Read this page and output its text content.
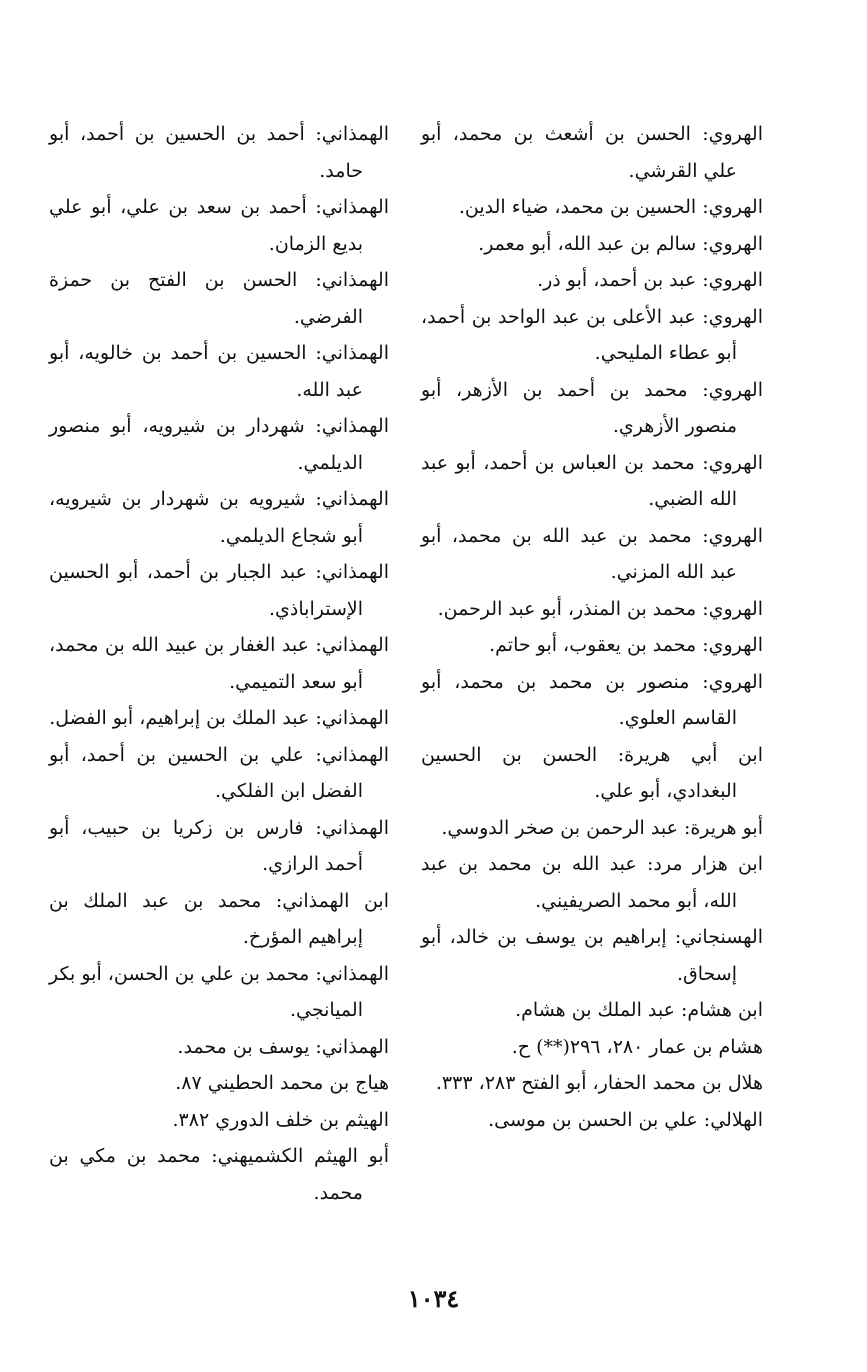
الهروي: الحسن بن أشعث بن محمد، أبو علي القرشي.

الهروي: الحسين بن محمد، ضياء الدين.

الهروي: سالم بن عبد الله، أبو معمر.

الهروي: عبد بن أحمد، أبو ذر.

الهروي: عبد الأعلى بن عبد الواحد بن أحمد، أبو عطاء المليحي.

الهروي: محمد بن أحمد بن الأزهر، أبو منصور الأزهري.

الهروي: محمد بن العباس بن أحمد، أبو عبد الله الضبي.

الهروي: محمد بن عبد الله بن محمد، أبو عبد الله المزني.

الهروي: محمد بن المنذر، أبو عبد الرحمن.

الهروي: محمد بن يعقوب، أبو حاتم.

الهروي: منصور بن محمد بن محمد، أبو القاسم العلوي.

ابن أبي هريرة: الحسن بن الحسين البغدادي، أبو علي.

أبو هريرة: عبد الرحمن بن صخر الدوسي.

ابن هزار مرد: عبد الله بن محمد بن عبد الله، أبو محمد الصريفيني.

الهسنجاني: إبراهيم بن يوسف بن خالد، أبو إسحاق.

ابن هشام: عبد الملك بن هشام.

هشام بن عمار ٢٨٠، ٢٩٦(**) ح.

هلال بن محمد الحفار، أبو الفتح ٢٨٣، ٣٣٣.

الهلالي: علي بن الحسن بن موسى.

الهمذاني: أحمد بن الحسين بن أحمد، أبو حامد.

الهمذاني: أحمد بن سعد بن علي، أبو علي بديع الزمان.

الهمذاني: الحسن بن الفتح بن حمزة الفرضي.

الهمذاني: الحسين بن أحمد بن خالويه، أبو عبد الله.

الهمذاني: شهردار بن شيرويه، أبو منصور الديلمي.

الهمذاني: شيرويه بن شهردار بن شيرويه، أبو شجاع الديلمي.

الهمذاني: عبد الجبار بن أحمد، أبو الحسين الإستراباذي.

الهمذاني: عبد الغفار بن عبيد الله بن محمد، أبو سعد التميمي.

الهمذاني: عبد الملك بن إبراهيم، أبو الفضل.

الهمذاني: علي بن الحسين بن أحمد، أبو الفضل ابن الفلكي.

الهمذاني: فارس بن زكريا بن حبيب، أبو أحمد الرازي.

ابن الهمذاني: محمد بن عبد الملك بن إبراهيم المؤرخ.

الهمذاني: محمد بن علي بن الحسن، أبو بكر الميانجي.

الهمذاني: يوسف بن محمد.

هياج بن محمد الحطيني ٨٧.

الهيثم بن خلف الدوري ٣٨٢.

أبو الهيثم الكشميهني: محمد بن مكي بن محمد.

١٠٣٤
